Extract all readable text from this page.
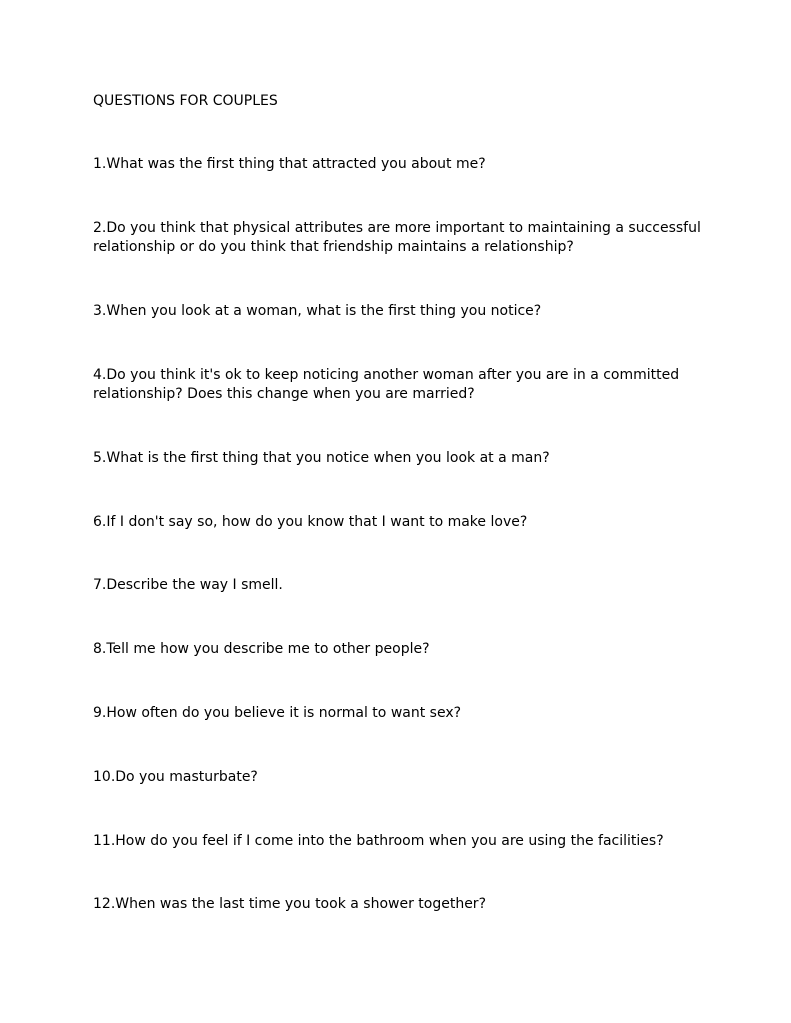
QUESTIONS FOR COUPLES
1.What was the first thing that attracted you about me?
2.Do you think that physical attributes are more important to maintaining a successful relationship or do you think that friendship maintains a relationship?
3.When you look at a woman, what is the first thing you notice?
4.Do you think it's ok to keep noticing another woman after you are in a committed relationship? Does this change when you are married?
5.What is the first thing that you notice when you look at a man?
6.If I don't say so, how do you know that I want to make love?
7.Describe the way I smell.
8.Tell me how you describe me to other people?
9.How often do you believe it is normal to want sex?
10.Do you masturbate?
11.How do you feel if I come into the bathroom when you are using the facilities?
12.When was the last time you took a shower together?
